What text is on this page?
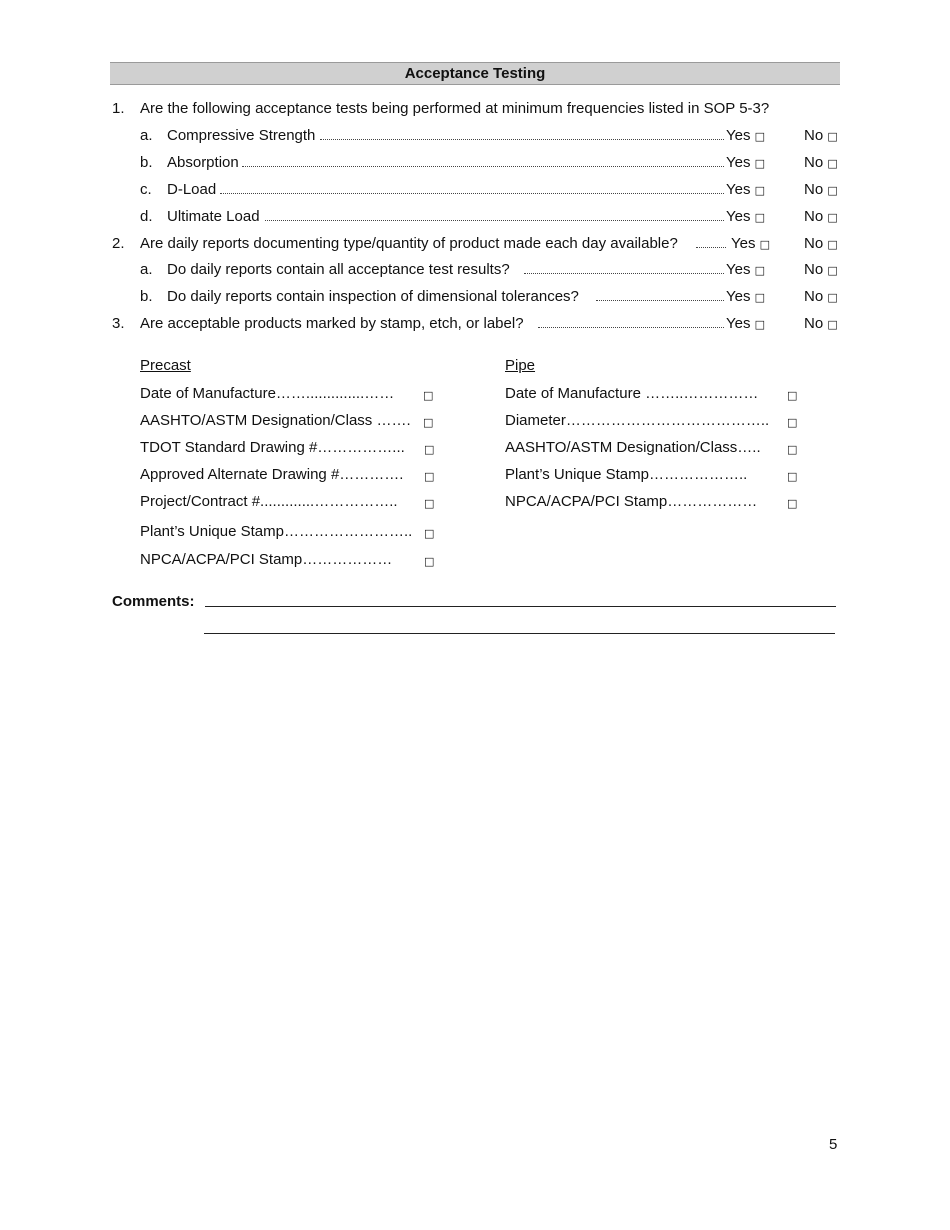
Acceptance Testing
1. Are the following acceptance tests being performed at minimum frequencies listed in SOP 5-3?
a. Compressive Strength	Yes □	No □
b. Absorption	Yes □	No □
c. D-Load	Yes □	No □
d. Ultimate Load	Yes □	No □
2. Are daily reports documenting type/quantity of product made each day available?	Yes □ No □
a. Do daily reports contain all acceptance test results?	Yes □	No □
b. Do daily reports contain inspection of dimensional tolerances?	Yes □	No □
3. Are acceptable products marked by stamp, etch, or label?	Yes □	No □
Precast
Date of Manufacture……..............……	□
AASHTO/ASTM Designation/Class ……. □
TDOT Standard Drawing #……………... □
Approved Alternate Drawing #…………. □
Project/Contract #.............…………….. □
Plant’s Unique Stamp…………………….. □
NPCA/ACPA/PCI Stamp………………	□
Pipe
Date of Manufacture ……..……………	□
Diameter………………………………….. □
AASHTO/ASTM Designation/Class….. □
Plant’s Unique Stamp………………..	□
NPCA/ACPA/PCI Stamp………………	□
Comments:
5
